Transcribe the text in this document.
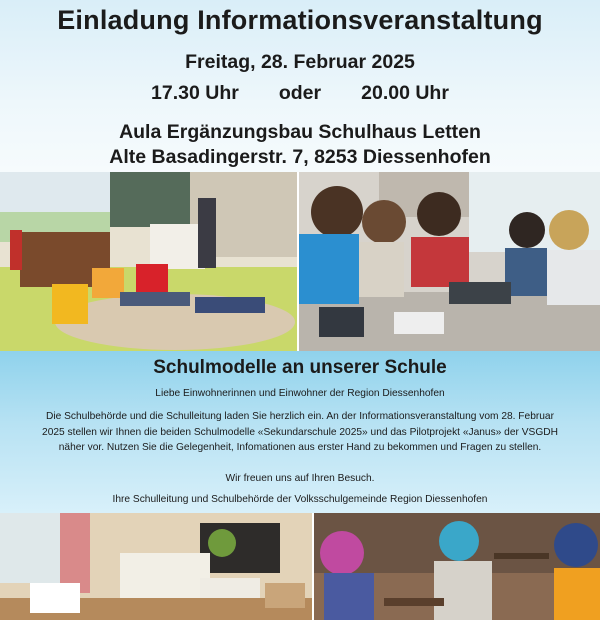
Einladung Informationsveranstaltung
Freitag, 28. Februar 2025
17.30 Uhr oder 20.00 Uhr
Aula Ergänzungsbau Schulhaus Letten
Alte Basadingerstr. 7, 8253 Diessenhofen
Schulmodelle an unserer Schule
Liebe Einwohnerinnen und Einwohner der Region Diessenhofen
Die Schulbehörde und die Schulleitung laden Sie herzlich ein. An der Informationsveranstaltung vom 28. Februar 2025 stellen wir Ihnen die beiden Schulmodelle «Sekundarschule 2025» und das Pilotprojekt «Janus» der VSGDH näher vor. Nutzen Sie die Gelegenheit, Infomationen aus erster Hand zu bekommen und Fragen zu stellen.
Wir freuen uns auf Ihren Besuch.
Ihre Schulleitung und Schulbehörde der Volksschulgemeinde Region Diessenhofen
